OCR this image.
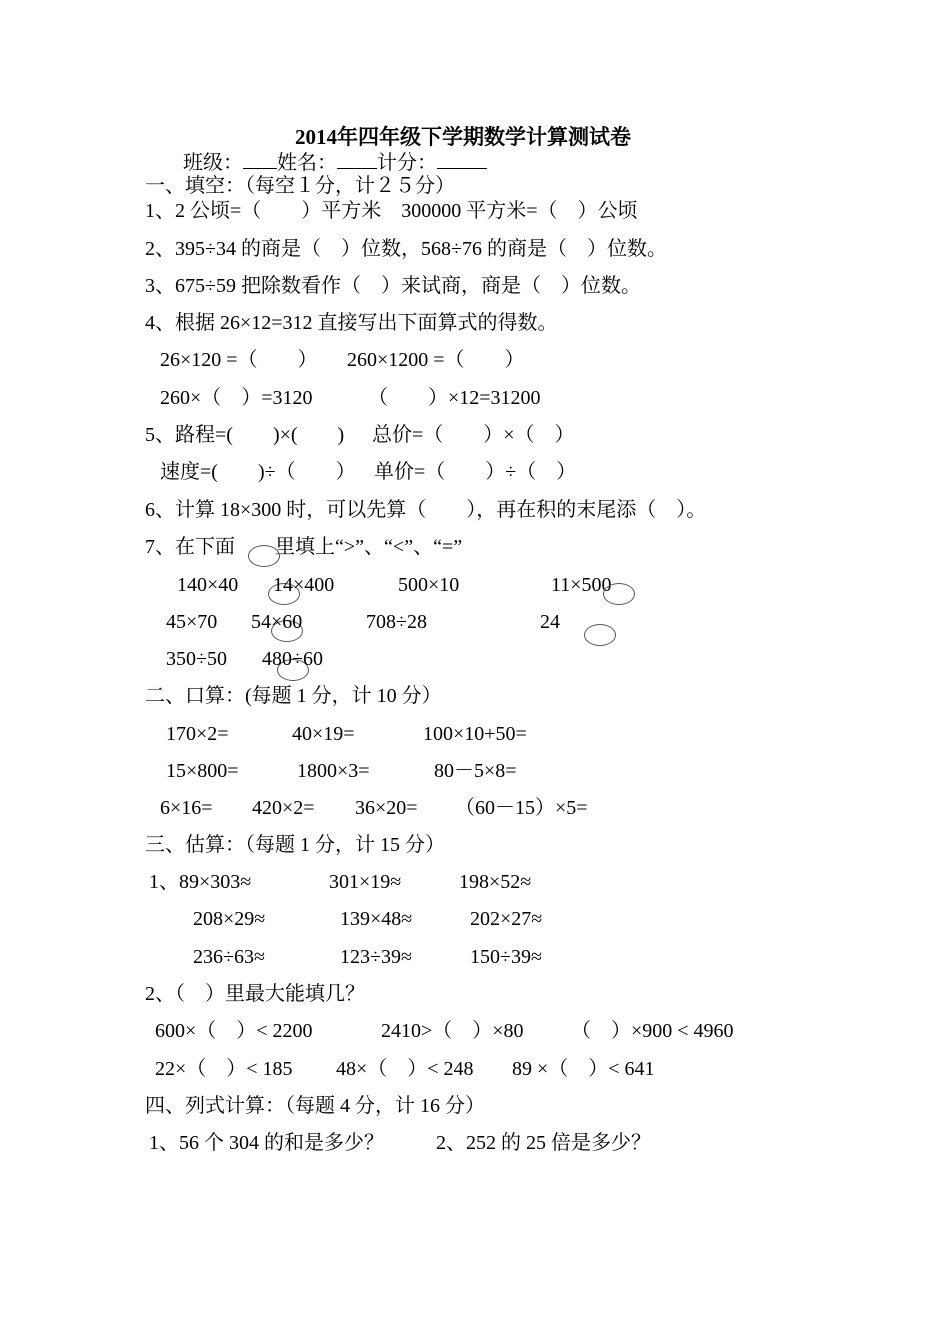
2014年四年级下学期数学计算测试卷
班级： 姓名： 计分：
一、填空：（每空１分，计２５分）
1、2 公顷=（　　）平方米　300000 平方米=（　）公顷
2、395÷34 的商是（　）位数，568÷76 的商是（　）位数。
3、675÷59 把除数看作（　）来试商，商是（　）位数。
4、根据 26×12=312 直接写出下面算式的得数。
26×120 =（　　） 260×1200 =（　　）
260×（　）=3120	（　　）×12=31200
5、路程=(　　)×(　　) 总价=（　　）×（　）
速度=(　　)÷（　　） 单价=（　　）÷（　）
6、计算 18×300 时，可以先算（　　），再在积的末尾添（　）。
7、在下面　　里填上“>”、“<”、“=”
140×40 14×400	500×10	11×500
45×70 54×60	708÷28	24
350÷50 480÷60
二、口算：(每题 1 分，计 10 分）
170×2=	40×19=	100×10+50=
15×800=	1800×3=	80－5×8=
6×16= 420×2= 36×20= （60－15）×5=
三、估算：（每题 1 分，计 15 分）
1、89×303≈	301×19≈	198×52≈
208×29≈	139×48≈	202×27≈
236÷63≈	123÷39≈	150÷39≈
2、（　）里最大能填几？
600×（　）< 2200	2410>（　）×80 （　）×900 < 4960
22×（　）< 185 48×（　）< 248 89 ×（　）< 641
四、列式计算：（每题 4 分，计 16 分）
1、56 个 304 的和是多少？	2、252 的 25 倍是多少？
